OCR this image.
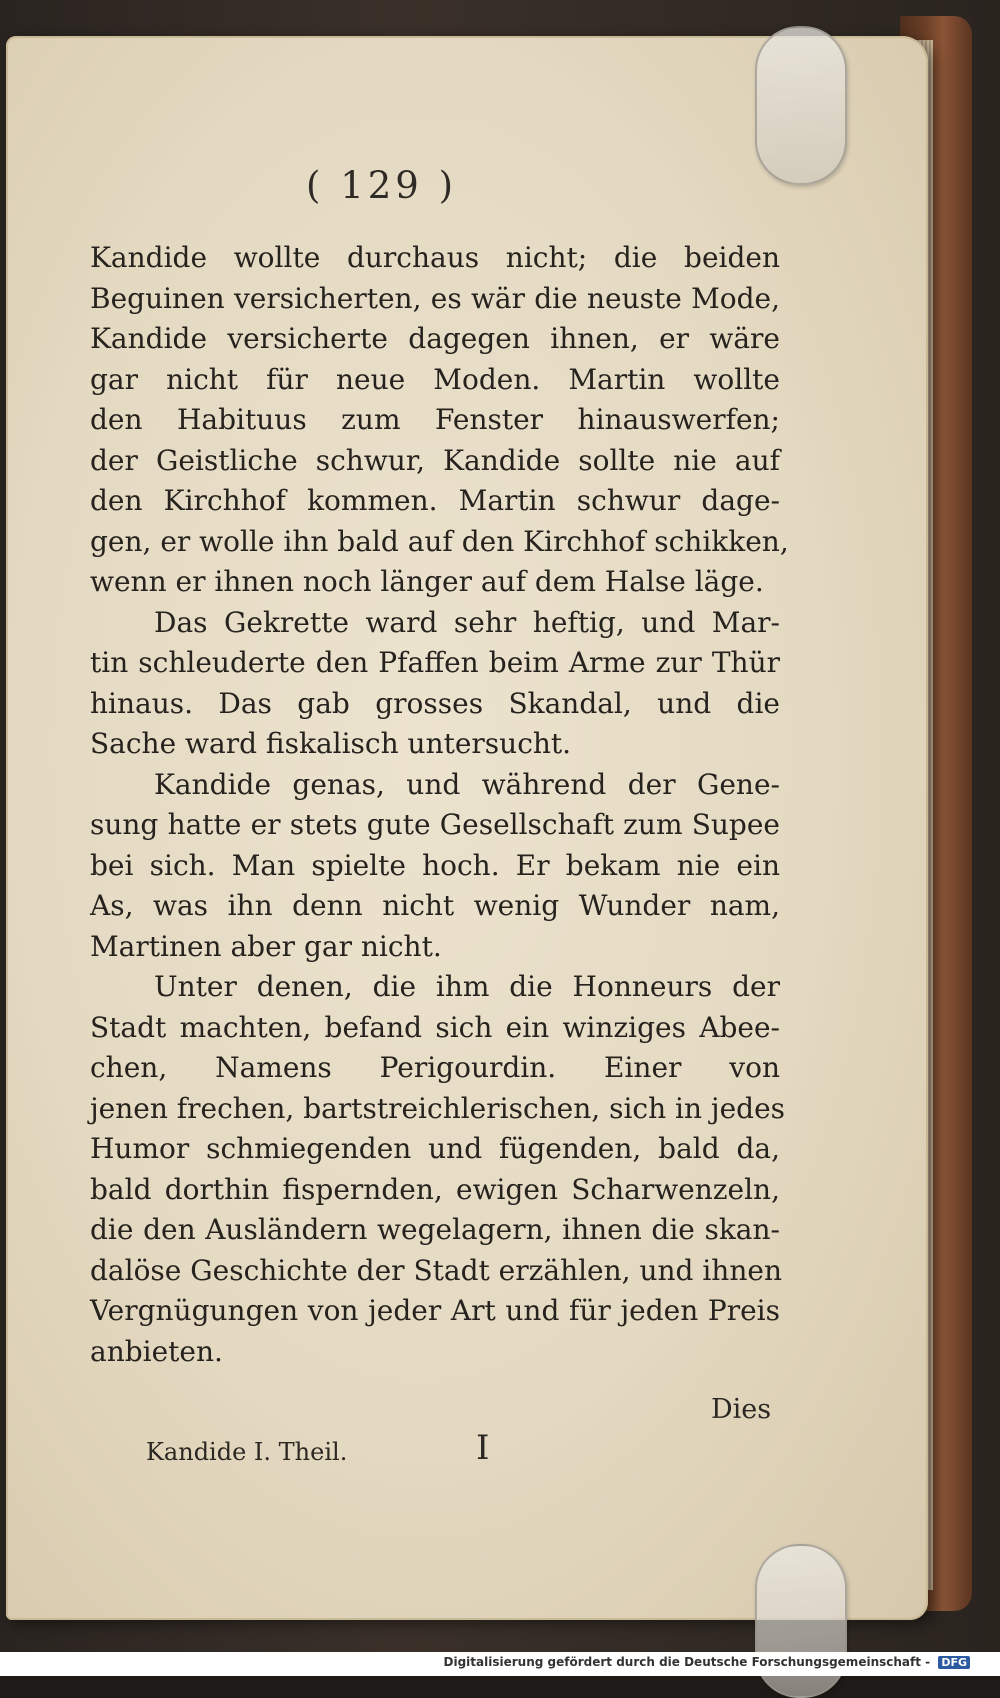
( 129 )
Kandide wollte durchaus nicht; die beiden
Beguinen versicherten, es wär die neuste Mode,
Kandide versicherte dagegen ihnen, er wäre
gar nicht für neue Moden. Martin wollte
den Habituus zum Fenster hinauswerfen;
der Geistliche schwur, Kandide sollte nie auf
den Kirchhof kommen. Martin schwur dage-
gen, er wolle ihn bald auf den Kirchhof schikken,
wenn er ihnen noch länger auf dem Halse läge.
Das Gekrette ward sehr heftig, und Mar-
tin schleuderte den Pfaffen beim Arme zur Thür
hinaus. Das gab grosses Skandal, und die
Sache ward fiskalisch untersucht.
Kandide genas, und während der Gene-
sung hatte er stets gute Gesellschaft zum Supee
bei sich. Man spielte hoch. Er bekam nie ein
As, was ihn denn nicht wenig Wunder nam,
Martinen aber gar nicht.
Unter denen, die ihm die Honneurs der
Stadt machten, befand sich ein winziges Abee-
chen, Namens Perigourdin. Einer von
jenen frechen, bartstreichlerischen, sich in jedes
Humor schmiegenden und fügenden, bald da,
bald dorthin fispernden, ewigen Scharwenzeln,
die den Ausländern wegelagern, ihnen die skan-
dalöse Geschichte der Stadt erzählen, und ihnen
Vergnügungen von jeder Art und für jeden Preis
anbieten.
Dies
Kandide I. Theil.	I
Digitalisierung gefördert durch die Deutsche Forschungsgemeinschaft - DFG
